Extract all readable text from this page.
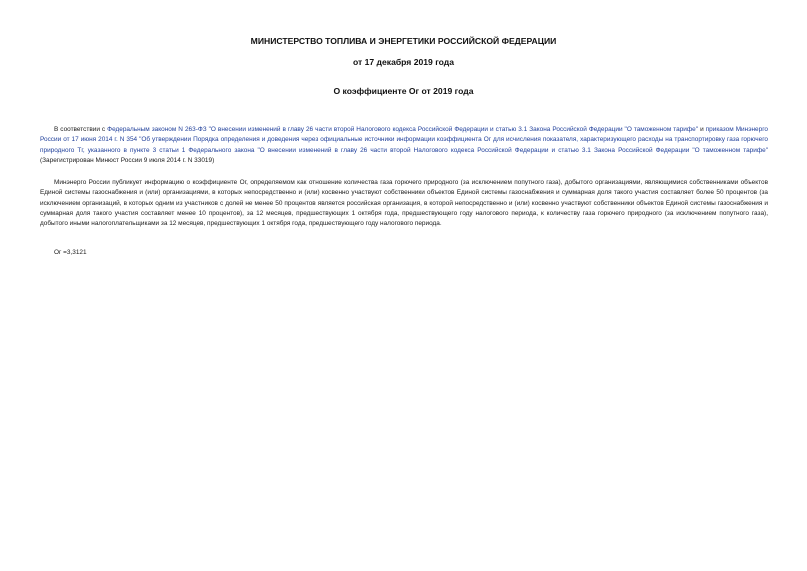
МИНИСТЕРСТВО ТОПЛИВА И ЭНЕРГЕТИКИ РОССИЙСКОЙ ФЕДЕРАЦИИ
от 17 декабря 2019 года
О коэффициенте Ог от 2019 года
В соответствии с Федеральным законом N 263-ФЗ "О внесении изменений в главу 26 части второй Налогового кодекса Российской Федерации и статью 3.1 Закона Российской Федерации "О таможенном тарифе" и приказом Минэнерго России от 17 июня 2014 г. N 354 "Об утверждении Порядка определения и доведения через официальные источники информации коэффициента Ог для исчисления показателя, характеризующего расходы на транспортировку газа горючего природного Тг, указанного в пункте 3 статьи 1 Федерального закона "О внесении изменений в главу 26 части второй Налогового кодекса Российской Федерации и статью 3.1 Закона Российской Федерации "О таможенном тарифе" (Зарегистрирован Минюст России 9 июля 2014 г. N 33019)
Минэнерго России публикует информацию о коэффициенте Ог, определяемом как отношение количества газа горючего природного (за исключением попутного газа), добытого организациями, являющимися собственниками объектов Единой системы газоснабжения и (или) организациями, в которых непосредственно и (или) косвенно участвуют собственники объектов Единой системы газоснабжения и суммарная доля такого участия составляет более 50 процентов (за исключением организаций, в которых одним из участников с долей не менее 50 процентов является российская организация, в которой непосредственно и (или) косвенно участвуют собственники объектов Единой системы газоснабжения и суммарная доля такого участия составляет менее 10 процентов), за 12 месяцев, предшествующих 1 октября года, предшествующего году налогового периода, к количеству газа горючего природного (за исключением попутного газа), добытого иными налогоплательщиками за 12 месяцев, предшествующих 1 октября года, предшествующего году налогового периода.
Ог =3,3121
